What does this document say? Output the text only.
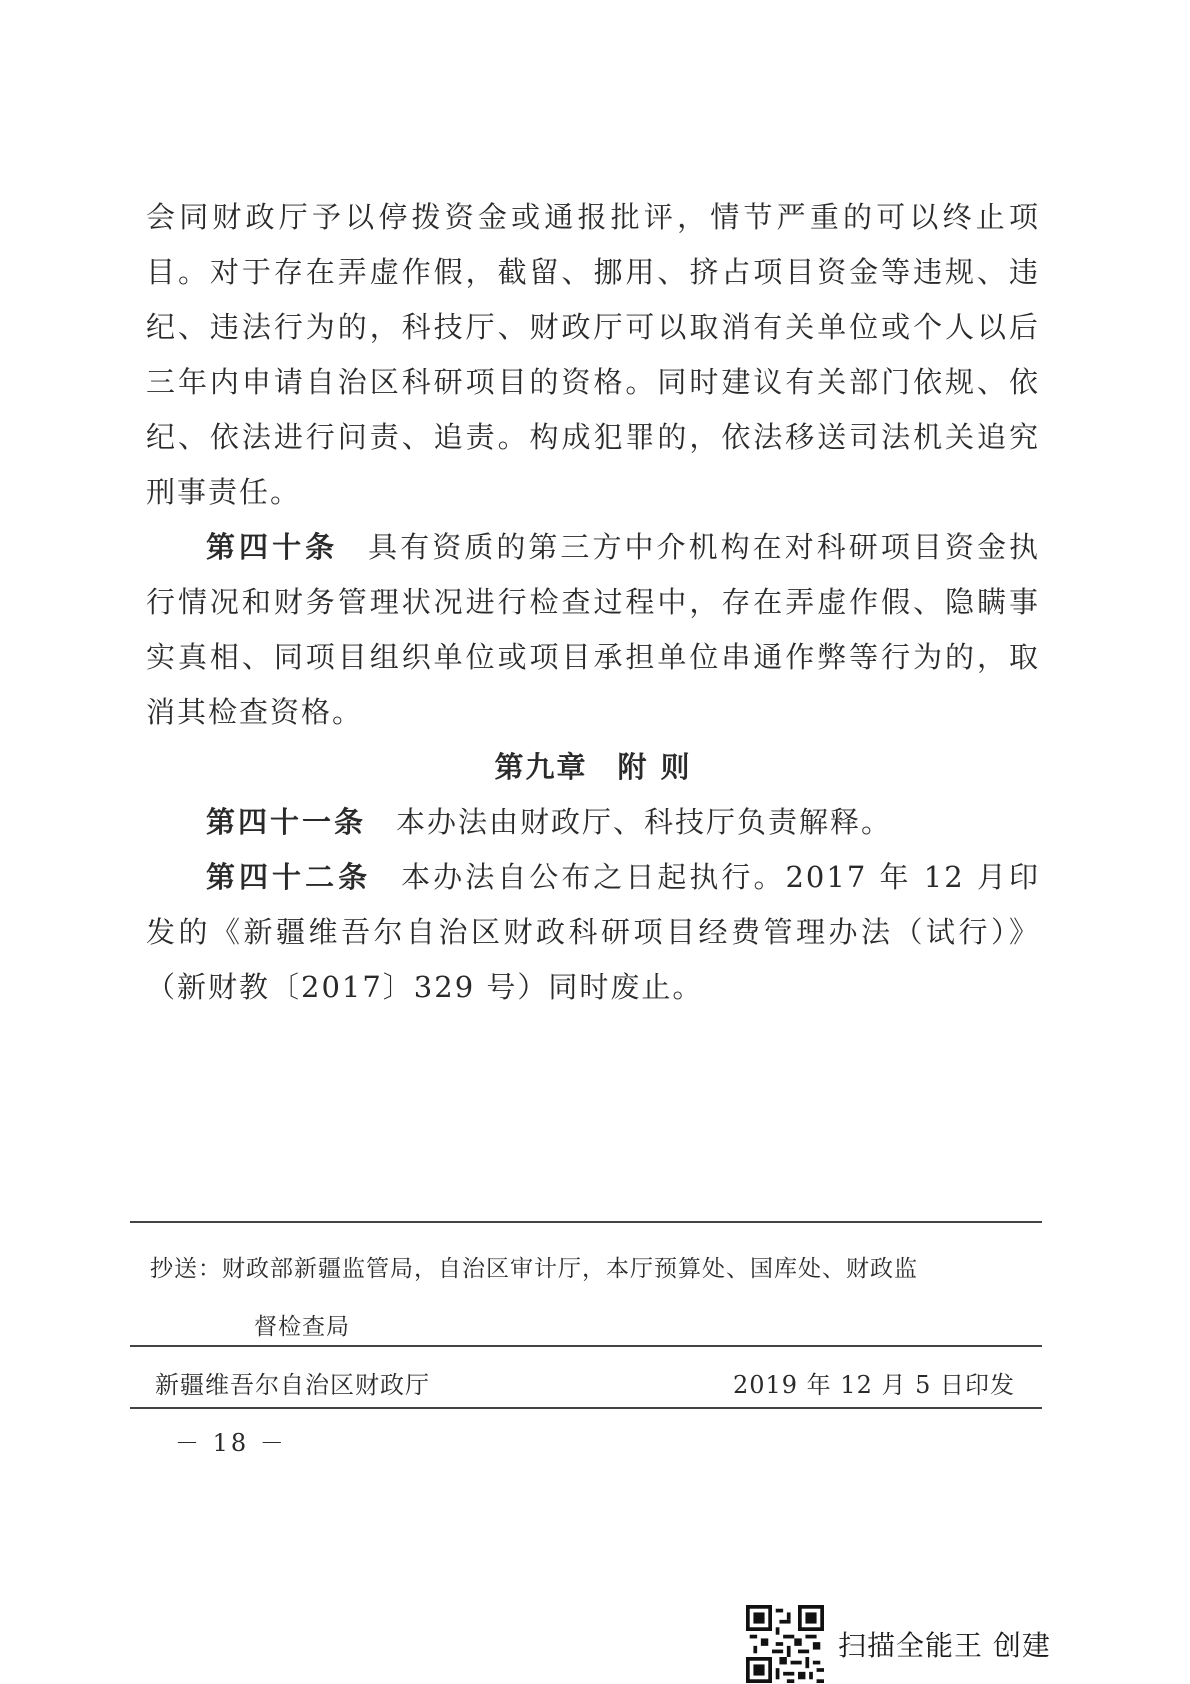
会同财政厅予以停拨资金或通报批评，情节严重的可以终止项目。对于存在弄虚作假，截留、挪用、挤占项目资金等违规、违纪、违法行为的，科技厅、财政厅可以取消有关单位或个人以后三年内申请自治区科研项目的资格。同时建议有关部门依规、依纪、依法进行问责、追责。构成犯罪的，依法移送司法机关追究刑事责任。

第四十条 具有资质的第三方中介机构在对科研项目资金执行情况和财务管理状况进行检查过程中，存在弄虚作假、隐瞒事实真相、同项目组织单位或项目承担单位串通作弊等行为的，取消其检查资格。

第九章 附 则

第四十一条 本办法由财政厅、科技厅负责解释。

第四十二条 本办法自公布之日起执行。2017 年 12 月印发的《新疆维吾尔自治区财政科研项目经费管理办法（试行）》（新财教〔2017〕329 号）同时废止。

抄送：财政部新疆监管局，自治区审计厅，本厅预算处、国库处、财政监
督检查局
新疆维吾尔自治区财政厅	2019 年 12 月 5 日印发
－ 18 －
扫描全能王 创建
